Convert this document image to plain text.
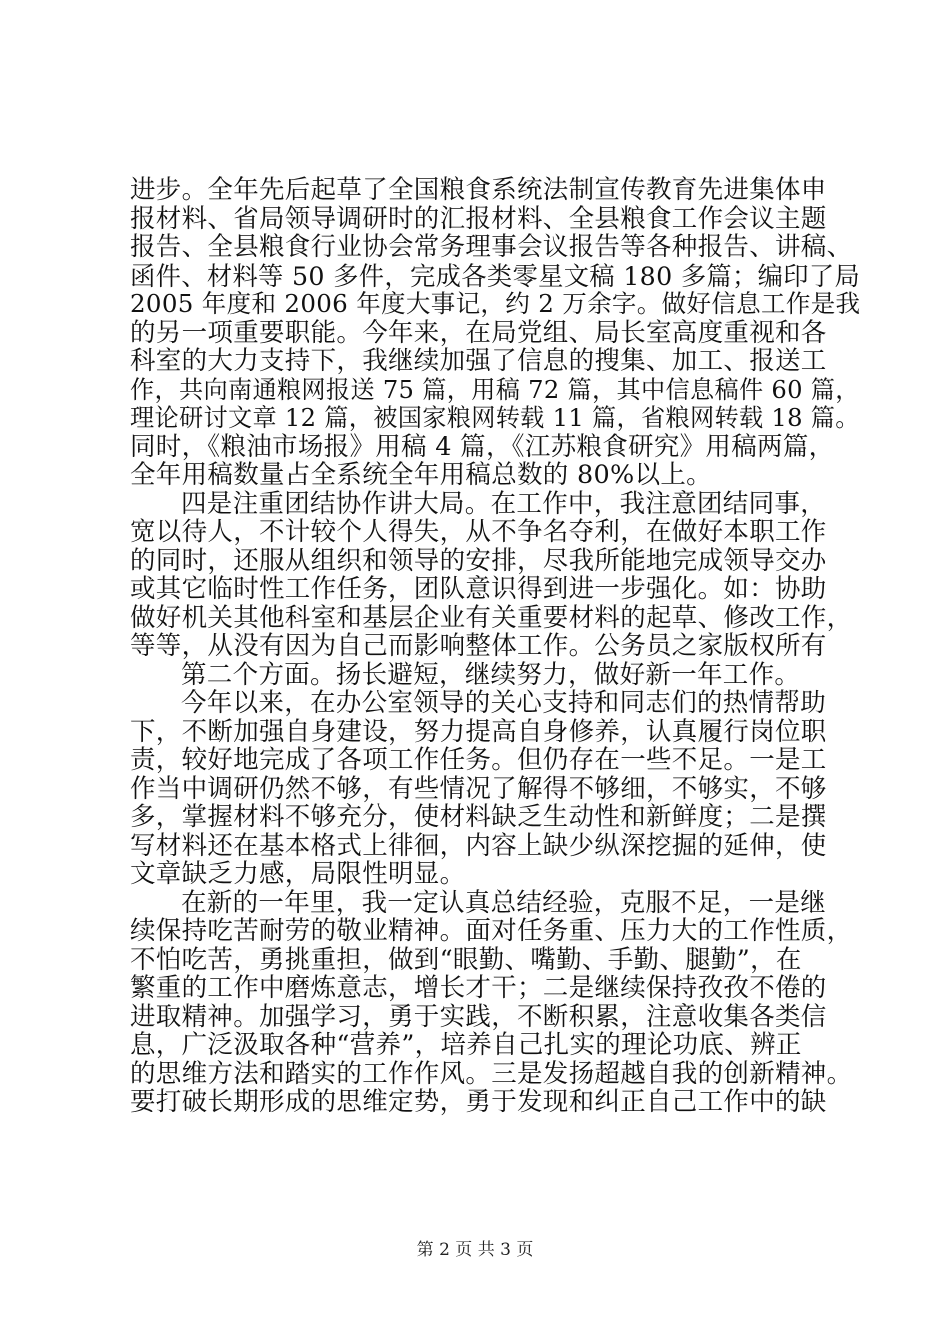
进步。全年先后起草了全国粮食系统法制宣传教育先进集体申
报材料、省局领导调研时的汇报材料、全县粮食工作会议主题
报告、全县粮食行业协会常务理事会议报告等各种报告、讲稿、
函件、材料等 50 多件，完成各类零星文稿 180 多篇；编印了局
2005 年度和 2006 年度大事记，约 2 万余字。做好信息工作是我
的另一项重要职能。今年来，在局党组、局长室高度重视和各
科室的大力支持下，我继续加强了信息的搜集、加工、报送工
作，共向南通粮网报送 75 篇，用稿 72 篇，其中信息稿件 60 篇，
理论研讨文章 12 篇，被国家粮网转载 11 篇，省粮网转载 18 篇。
同时，《粮油市场报》用稿 4 篇，《江苏粮食研究》用稿两篇，
全年用稿数量占全系统全年用稿总数的 80%以上。
四是注重团结协作讲大局。在工作中，我注意团结同事，
宽以待人，不计较个人得失，从不争名夺利，在做好本职工作
的同时，还服从组织和领导的安排，尽我所能地完成领导交办
或其它临时性工作任务，团队意识得到进一步强化。如：协助
做好机关其他科室和基层企业有关重要材料的起草、修改工作，
等等，从没有因为自己而影响整体工作。公务员之家版权所有
第二个方面。扬长避短，继续努力，做好新一年工作。
今年以来，在办公室领导的关心支持和同志们的热情帮助
下，不断加强自身建设，努力提高自身修养，认真履行岗位职
责，较好地完成了各项工作任务。但仍存在一些不足。一是工
作当中调研仍然不够，有些情况了解得不够细，不够实，不够
多，掌握材料不够充分，使材料缺乏生动性和新鲜度；二是撰
写材料还在基本格式上徘徊，内容上缺少纵深挖掘的延伸，使
文章缺乏力感，局限性明显。
在新的一年里，我一定认真总结经验，克服不足，一是继
续保持吃苦耐劳的敬业精神。面对任务重、压力大的工作性质，
不怕吃苦，勇挑重担，做到“眼勤、嘴勤、手勤、腿勤”，在
繁重的工作中磨炼意志，增长才干；二是继续保持孜孜不倦的
进取精神。加强学习，勇于实践，不断积累，注意收集各类信
息，广泛汲取各种“营养”，培养自己扎实的理论功底、辨正
的思维方法和踏实的工作作风。三是发扬超越自我的创新精神。
要打破长期形成的思维定势，勇于发现和纠正自己工作中的缺
第 2 页 共 3 页
